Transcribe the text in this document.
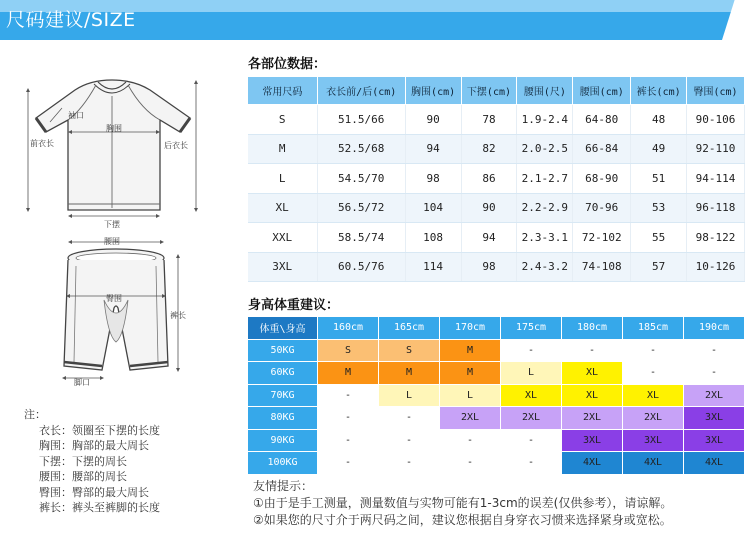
尺码建议/SIZE
袖口
胸围
前衣长	后衣长
下摆
腰围
臀围
裤长
脚口
注：
衣长： 领圈至下摆的长度
胸围： 胸部的最大周长
下摆： 下摆的周长
腰围： 腰部的周长
臀围： 臀部的最大周长
裤长： 裤头至裤脚的长度
各部位数据：
常用尺码	衣长前/后(cm)	胸围(cm)	下摆(cm)	腰围(尺)	腰围(cm)	裤长(cm)	臀围(cm)
S	51.5/66	90	78	1.9-2.4	64-80	48	90-106
M	52.5/68	94	82	2.0-2.5	66-84	49	92-110
L	54.5/70	98	86	2.1-2.7	68-90	51	94-114
XL	56.5/72	104	90	2.2-2.9	70-96	53	96-118
XXL	58.5/74	108	94	2.3-3.1	72-102	55	98-122
3XL	60.5/76	114	98	2.4-3.2	74-108	57	10-126
身高体重建议：
体重\身高	160cm	165cm	170cm	175cm	180cm	185cm	190cm
50KG	S	S	M	-	-	-	-
60KG	M	M	M	L	XL	-	-
70KG	-	L	L	XL	XL	XL	2XL
80KG	-	-	2XL	2XL	2XL	2XL	3XL
90KG	-	-	-	-	3XL	3XL	3XL
100KG	-	-	-	-	4XL	4XL	4XL
友情提示：
①由于是手工测量，测量数值与实物可能有1-3cm的误差(仅供参考），请谅解。
②如果您的尺寸介于两尺码之间，建议您根据自身穿衣习惯来选择紧身或宽松。
